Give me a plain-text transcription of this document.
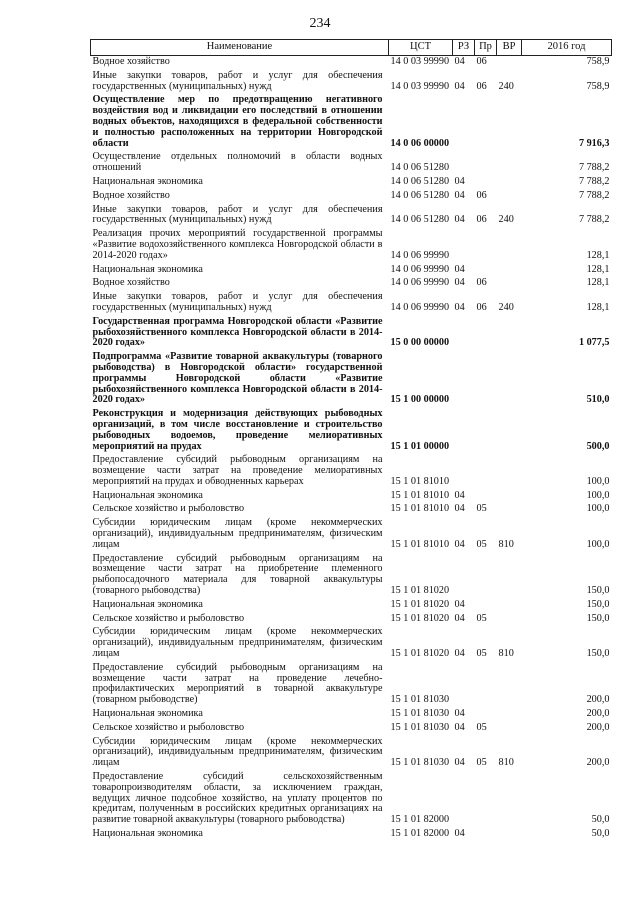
234
Наименование	ЦСТ	РЗ	Пр	ВР	2016 год
Водное хозяйство	14 0 03 99990	04	06		758,9
Иные закупки товаров, работ и услуг для обеспечения государственных (муниципальных) нужд	14 0 03 99990	04	06	240	758,9
Осуществление мер по предотвращению негативного воздействия вод и ликвидации его последствий в отношении водных объектов, находящихся в федеральной собственности и полностью расположенных на территории Новгородской области	14 0 06 00000				7 916,3
Осуществление отдельных полномочий в области водных отношений	14 0 06 51280				7 788,2
Национальная экономика	14 0 06 51280	04			7 788,2
Водное хозяйство	14 0 06 51280	04	06		7 788,2
Иные закупки товаров, работ и услуг для обеспечения государственных (муниципальных) нужд	14 0 06 51280	04	06	240	7 788,2
Реализация прочих мероприятий государственной программы «Развитие водохозяйственного комплекса Новгородской области в 2014-2020 годах»	14 0 06 99990				128,1
Национальная экономика	14 0 06 99990	04			128,1
Водное хозяйство	14 0 06 99990	04	06		128,1
Иные закупки товаров, работ и услуг для обеспечения государственных (муниципальных) нужд	14 0 06 99990	04	06	240	128,1
Государственная программа Новгородской области «Развитие рыбохозяйственного комплекса Новгородской области в 2014-2020 годах»	15 0 00 00000				1 077,5
Подпрограмма «Развитие товарной аквакультуры (товарного рыбоводства) в Новгородской области» государственной программы Новгородской области «Развитие рыбохозяйственного комплекса Новгородской области в 2014-2020 годах»	15 1 00 00000				510,0
Реконструкция и модернизация действующих рыбоводных организаций, в том числе восстановление и строительство рыбоводных водоемов, проведение мелиоративных мероприятий на прудах	15 1 01 00000				500,0
Предоставление субсидий рыбоводным организациям на возмещение части затрат на проведение мелиоративных мероприятий на прудах и обводненных карьерах	15 1 01 81010				100,0
Национальная экономика	15 1 01 81010	04			100,0
Сельское хозяйство и рыболовство	15 1 01 81010	04	05		100,0
Субсидии юридическим лицам (кроме некоммерческих организаций), индивидуальным предпринимателям, физическим лицам	15 1 01 81010	04	05	810	100,0
Предоставление субсидий рыбоводным организациям на возмещение части затрат на приобретение племенного рыбопосадочного материала для товарной аквакультуры (товарного рыбоводства)	15 1 01 81020				150,0
Национальная экономика	15 1 01 81020	04			150,0
Сельское хозяйство и рыболовство	15 1 01 81020	04	05		150,0
Субсидии юридическим лицам (кроме некоммерческих организаций), индивидуальным предпринимателям, физическим лицам	15 1 01 81020	04	05	810	150,0
Предоставление субсидий рыбоводным организациям на возмещение части затрат на проведение лечебно-профилактических мероприятий в товарной аквакультуре (товарном рыбоводстве)	15 1 01 81030				200,0
Национальная экономика	15 1 01 81030	04			200,0
Сельское хозяйство и рыболовство	15 1 01 81030	04	05		200,0
Субсидии юридическим лицам (кроме некоммерческих организаций), индивидуальным предпринимателям, физическим лицам	15 1 01 81030	04	05	810	200,0
Предоставление субсидий сельскохозяйственным товаропроизводителям области, за исключением граждан, ведущих личное подсобное хозяйство, на уплату процентов по кредитам, полученным в российских кредитных организациях на развитие товарной аквакультуры (товарного рыбоводства)	15 1 01 82000				50,0
Национальная экономика	15 1 01 82000	04			50,0
